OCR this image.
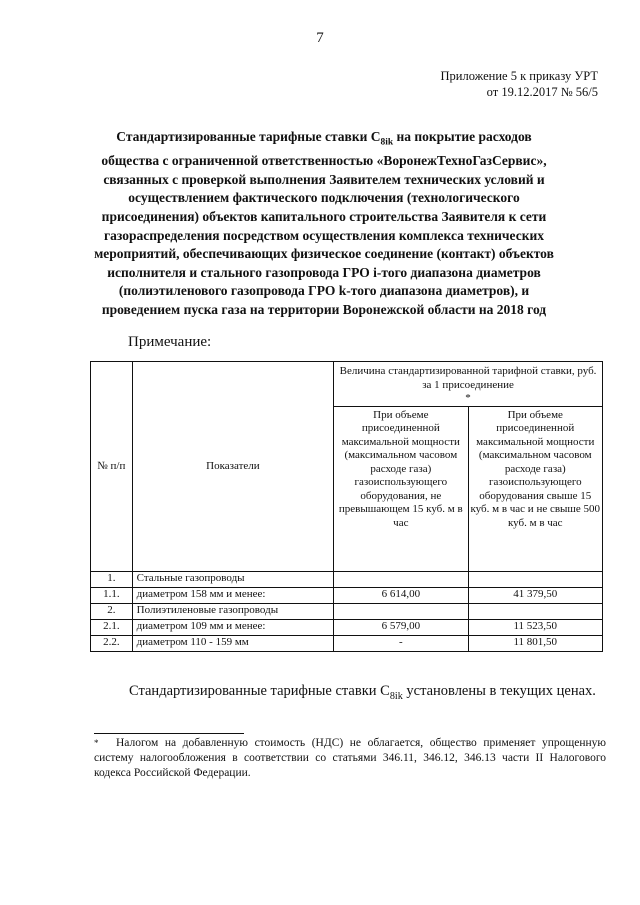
7
Приложение 5 к приказу УРТ
от 19.12.2017 № 56/5
Стандартизированные тарифные ставки $С_{8ik}$ на покрытие расходов общества с ограниченной ответственностью «ВоронежТехноГазСервис», связанных с проверкой выполнения Заявителем технических условий и осуществлением фактического подключения (технологического присоединения) объектов капитального строительства Заявителя к сети газораспределения посредством осуществления комплекса технических мероприятий, обеспечивающих физическое соединение (контакт) объектов исполнителя и стального газопровода ГРО i-того диапазона диаметров (полиэтиленового газопровода ГРО k-того диапазона диаметров), и проведением пуска газа на территории Воронежской области на 2018 год
Примечание:
№ п/п	Показатели	Величина стандартизированной тарифной ставки, руб. за 1 присоединение
*	

		При объеме присоединенной максимальной мощности (максимальном часовом расходе газа) газоиспользующего оборудования, не превышающем 15 куб. м в час	При объеме присоединенной максимальной мощности (максимальном часовом расходе газа) газоиспользующего оборудования свыше 15 куб. м в час и не свыше 500 куб. м в час
1.	Стальные газопроводы		
1.1.	диаметром 158 мм и менее:	6 614,00	41 379,50
2.	Полиэтиленовые газопроводы		
2.1.	диаметром 109 мм и менее:	6 579,00	11 523,50
2.2.	диаметром 110 - 159 мм	-	11 801,50
Стандартизированные тарифные ставки $С_{8ik}$ установлены в текущих ценах.
* Налогом на добавленную стоимость (НДС) не облагается, общество применяет упрощенную систему налогообложения в соответствии со статьями 346.11, 346.12, 346.13 части II Налогового кодекса Российской Федерации.
